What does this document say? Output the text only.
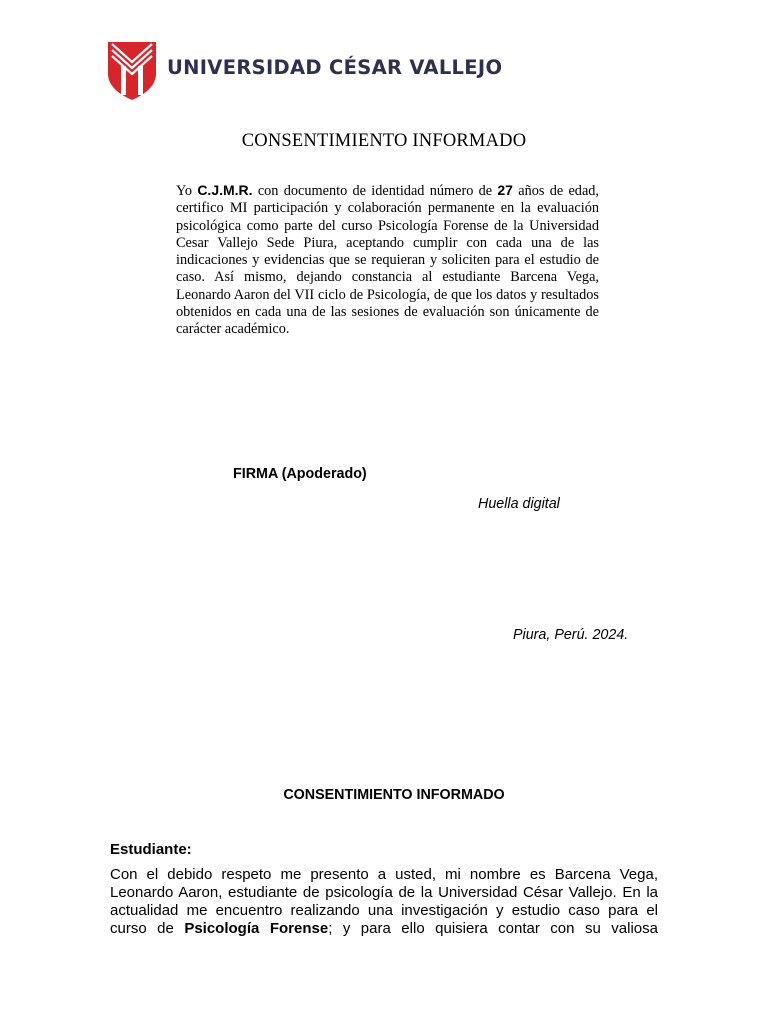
UNIVERSIDAD CÉSAR VALLEJO
CONSENTIMIENTO INFORMADO
Yo C.J.M.R. con documento de identidad número de 27 años de edad, certifico MI participación y colaboración permanente en la evaluación psicológica como parte del curso Psicología Forense de la Universidad Cesar Vallejo Sede Piura, aceptando cumplir con cada una de las indicaciones y evidencias que se requieran y soliciten para el estudio de caso. Así mismo, dejando constancia al estudiante Barcena Vega, Leonardo Aaron del VII ciclo de Psicología, de que los datos y resultados obtenidos en cada una de las sesiones de evaluación son únicamente de carácter académico.
FIRMA (Apoderado)
Huella digital
Piura, Perú. 2024.
CONSENTIMIENTO INFORMADO
Estudiante:
Con el debido respeto me presento a usted, mi nombre es Barcena Vega, Leonardo Aaron, estudiante de psicología de la Universidad César Vallejo. En la actualidad me encuentro realizando una investigación y estudio caso para el curso de Psicología Forense; y para ello quisiera contar con su valiosa
